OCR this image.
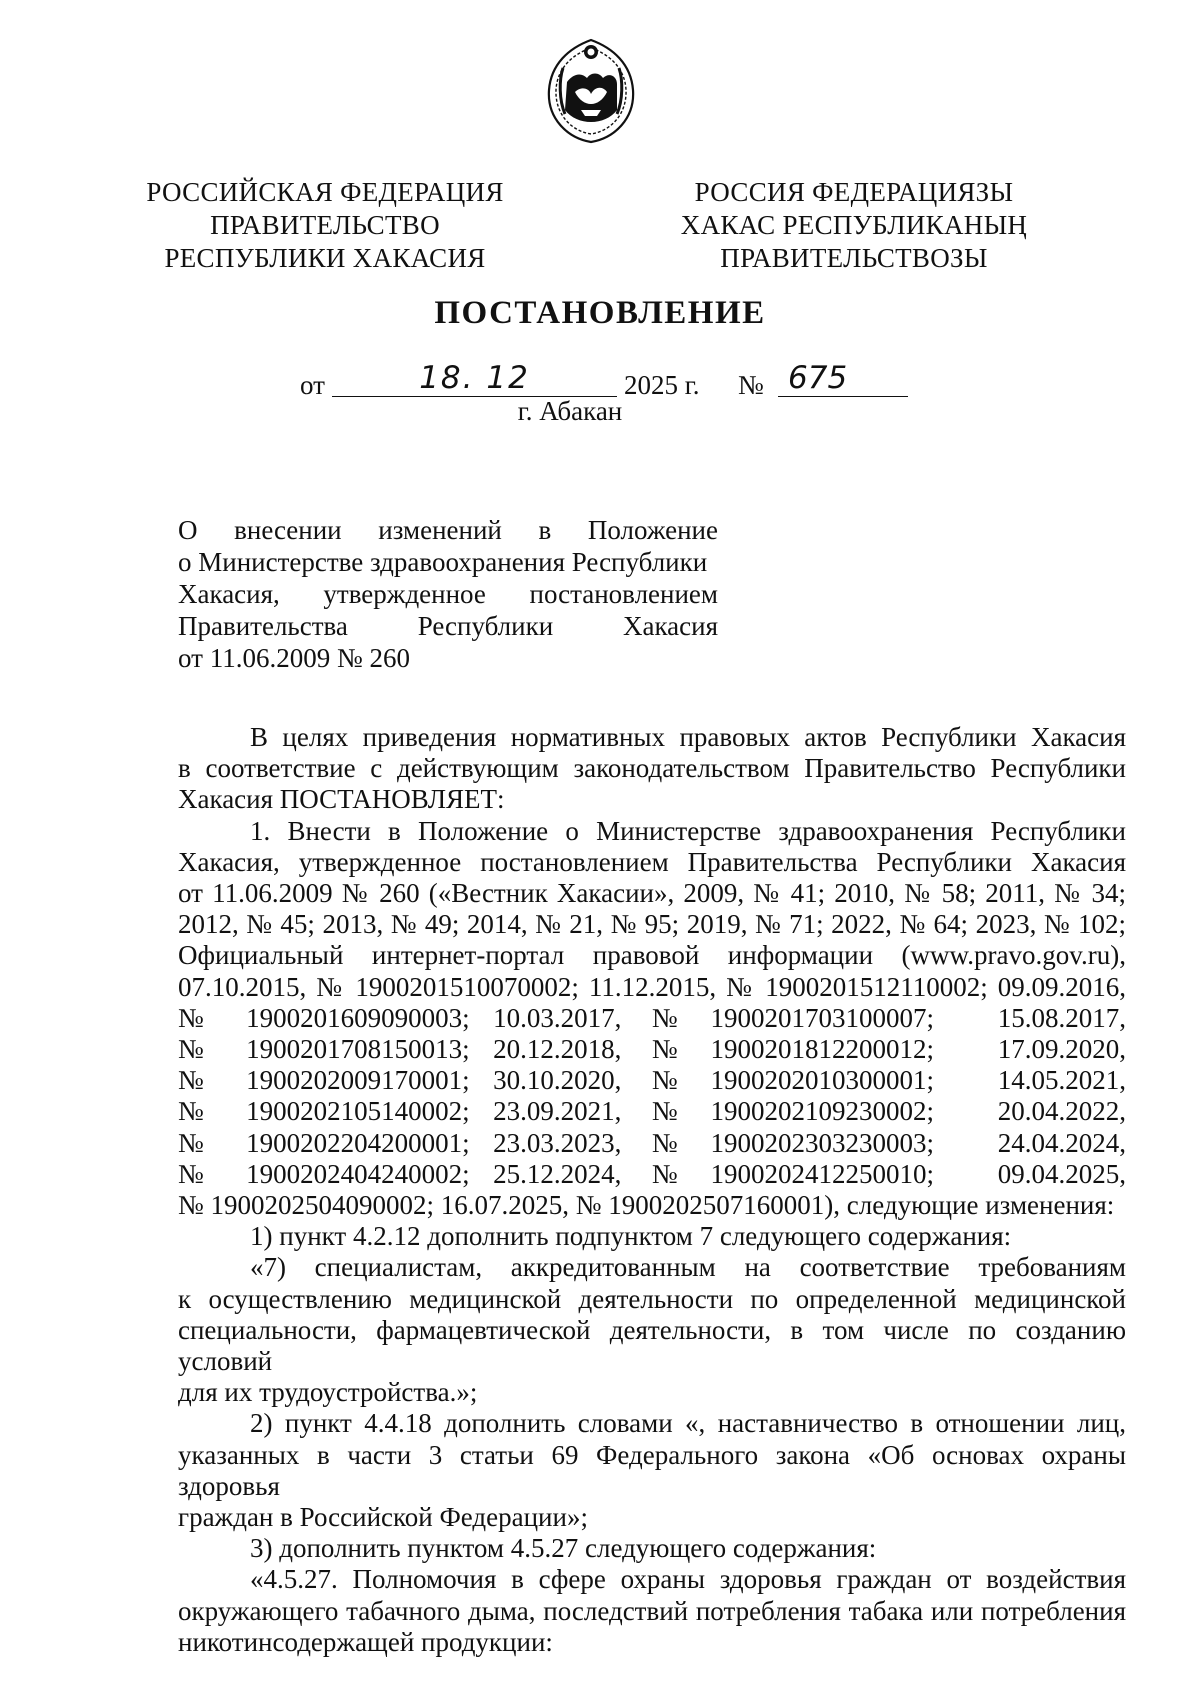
РОССИЙСКАЯ ФЕДЕРАЦИЯ
ПРАВИТЕЛЬСТВО
РЕСПУБЛИКИ ХАКАСИЯ
РОССИЯ ФЕДЕРАЦИЯЗЫ
ХАКАС РЕСПУБЛИКАНЫҢ
ПРАВИТЕЛЬСТВОЗЫ
ПОСТАНОВЛЕНИЕ
от	18. 12	2025 г. № 675
г. Абакан
О внесении изменений в Положение
о Министерстве здравоохранения Республики
Хакасия, утвержденное постановлением
Правительства Республики Хакасия
от 11.06.2009 № 260
В целях приведения нормативных правовых актов Республики Хакасия
в соответствие с действующим законодательством Правительство Республики
Хакасия ПОСТАНОВЛЯЕТ:
1. Внести в Положение о Министерстве здравоохранения Республики
Хакасия, утвержденное постановлением Правительства Республики Хакасия
от 11.06.2009 № 260 («Вестник Хакасии», 2009, № 41; 2010, № 58; 2011, № 34;
2012, № 45; 2013, № 49; 2014, № 21, № 95; 2019, № 71; 2022, № 64; 2023, № 102;
Официальный интернет-портал правовой информации (www.pravo.gov.ru),
07.10.2015, № 1900201510070002; 11.12.2015, № 1900201512110002; 09.09.2016,
№	1900201609090003;	10.03.2017,	№	1900201703100007;	15.08.2017,
№	1900201708150013;	20.12.2018,	№	1900201812200012;	17.09.2020,
№	1900202009170001;	30.10.2020,	№	1900202010300001;	14.05.2021,
№	1900202105140002;	23.09.2021,	№	1900202109230002;	20.04.2022,
№	1900202204200001;	23.03.2023,	№	1900202303230003;	24.04.2024,
№	1900202404240002;	25.12.2024,	№	1900202412250010;	09.04.2025,
№ 1900202504090002; 16.07.2025, № 1900202507160001), следующие изменения:
1) пункт 4.2.12 дополнить подпунктом 7 следующего содержания:
«7) специалистам, аккредитованным на соответствие требованиям
к осуществлению медицинской деятельности по определенной медицинской
специальности, фармацевтической деятельности, в том числе по созданию условий
для их трудоустройства.»;
2) пункт 4.4.18 дополнить словами «, наставничество в отношении лиц,
указанных в части 3 статьи 69 Федерального закона «Об основах охраны здоровья
граждан в Российской Федерации»;
3) дополнить пунктом 4.5.27 следующего содержания:
«4.5.27. Полномочия в сфере охраны здоровья граждан от воздействия
окружающего табачного дыма, последствий потребления табака или потребления
никотинсодержащей продукции:
